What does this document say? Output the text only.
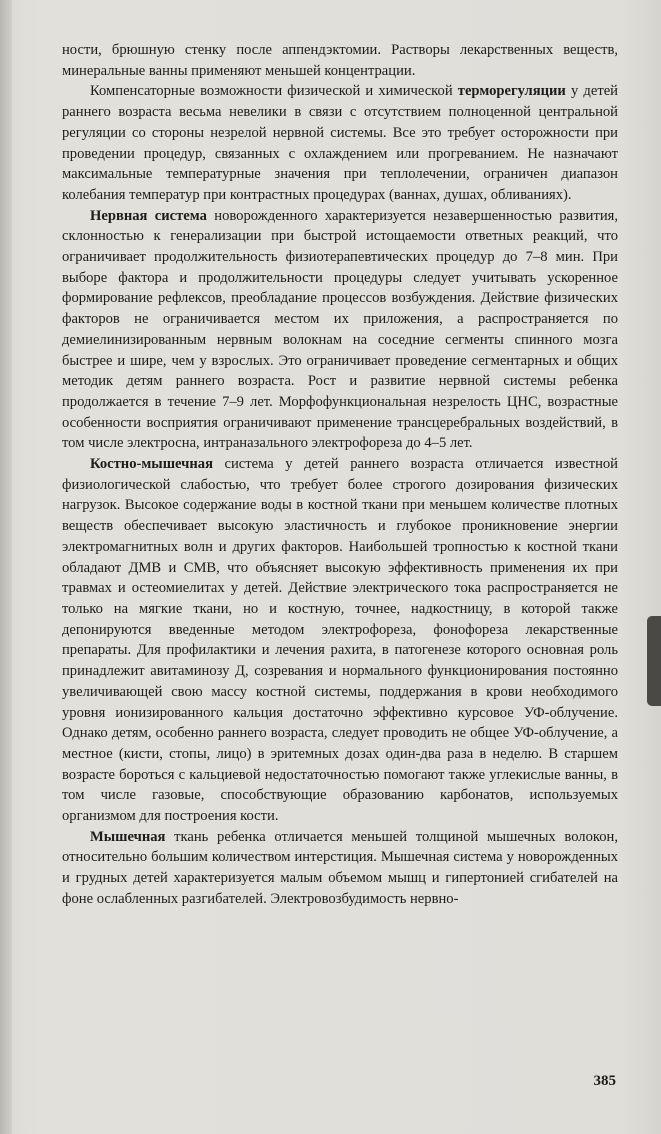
ности, брюшную стенку после аппендэктомии. Растворы лекарственных веществ, минеральные ванны применяют меньшей концентрации.

Компенсаторные возможности физической и химической терморегуляции у детей раннего возраста весьма невелики в связи с отсутствием полноценной центральной регуляции со стороны незрелой нервной системы. Все это требует осторожности при проведении процедур, связанных с охлаждением или прогреванием. Не назначают максимальные температурные значения при теплолечении, ограничен диапазон колебания температур при контрастных процедурах (ваннах, душах, обливаниях).

Нервная система новорожденного характеризуется незавершенностью развития, склонностью к генерализации при быстрой истощаемости ответных реакций, что ограничивает продолжительность физиотерапевтических процедур до 7–8 мин. При выборе фактора и продолжительности процедуры следует учитывать ускоренное формирование рефлексов, преобладание процессов возбуждения. Действие физических факторов не ограничивается местом их приложения, а распространяется по демиелинизированным нервным волокнам на соседние сегменты спинного мозга быстрее и шире, чем у взрослых. Это ограничивает проведение сегментарных и общих методик детям раннего возраста. Рост и развитие нервной системы ребенка продолжается в течение 7–9 лет. Морфофункциональная незрелость ЦНС, возрастные особенности восприятия ограничивают применение трансцеребральных воздействий, в том числе электросна, интраназального электрофореза до 4–5 лет.

Костно-мышечная система у детей раннего возраста отличается известной физиологической слабостью, что требует более строгого дозирования физических нагрузок. Высокое содержание воды в костной ткани при меньшем количестве плотных веществ обеспечивает высокую эластичность и глубокое проникновение энергии электромагнитных волн и других факторов. Наибольшей тропностью к костной ткани обладают ДМВ и СМВ, что объясняет высокую эффективность применения их при травмах и остеомиелитах у детей. Действие электрического тока распространяется не только на мягкие ткани, но и костную, точнее, надкостницу, в которой также депонируются введенные методом электрофореза, фонофореза лекарственные препараты. Для профилактики и лечения рахита, в патогенезе которого основная роль принадлежит авитаминозу Д, созревания и нормального функционирования постоянно увеличивающей свою массу костной системы, поддержания в крови необходимого уровня ионизированного кальция достаточно эффективно курсовое УФ-облучение. Однако детям, особенно раннего возраста, следует проводить не общее УФ-облучение, а местное (кисти, стопы, лицо) в эритемных дозах один-два раза в неделю. В старшем возрасте бороться с кальциевой недостаточностью помогают также углекислые ванны, в том числе газовые, способствующие образованию карбонатов, используемых организмом для построения кости.

Мышечная ткань ребенка отличается меньшей толщиной мышечных волокон, относительно большим количеством интерстиция. Мышечная система у новорожденных и грудных детей характеризуется малым объемом мышц и гипертонией сгибателей на фоне ослабленных разгибателей. Электровозбудимость нервно-

385
